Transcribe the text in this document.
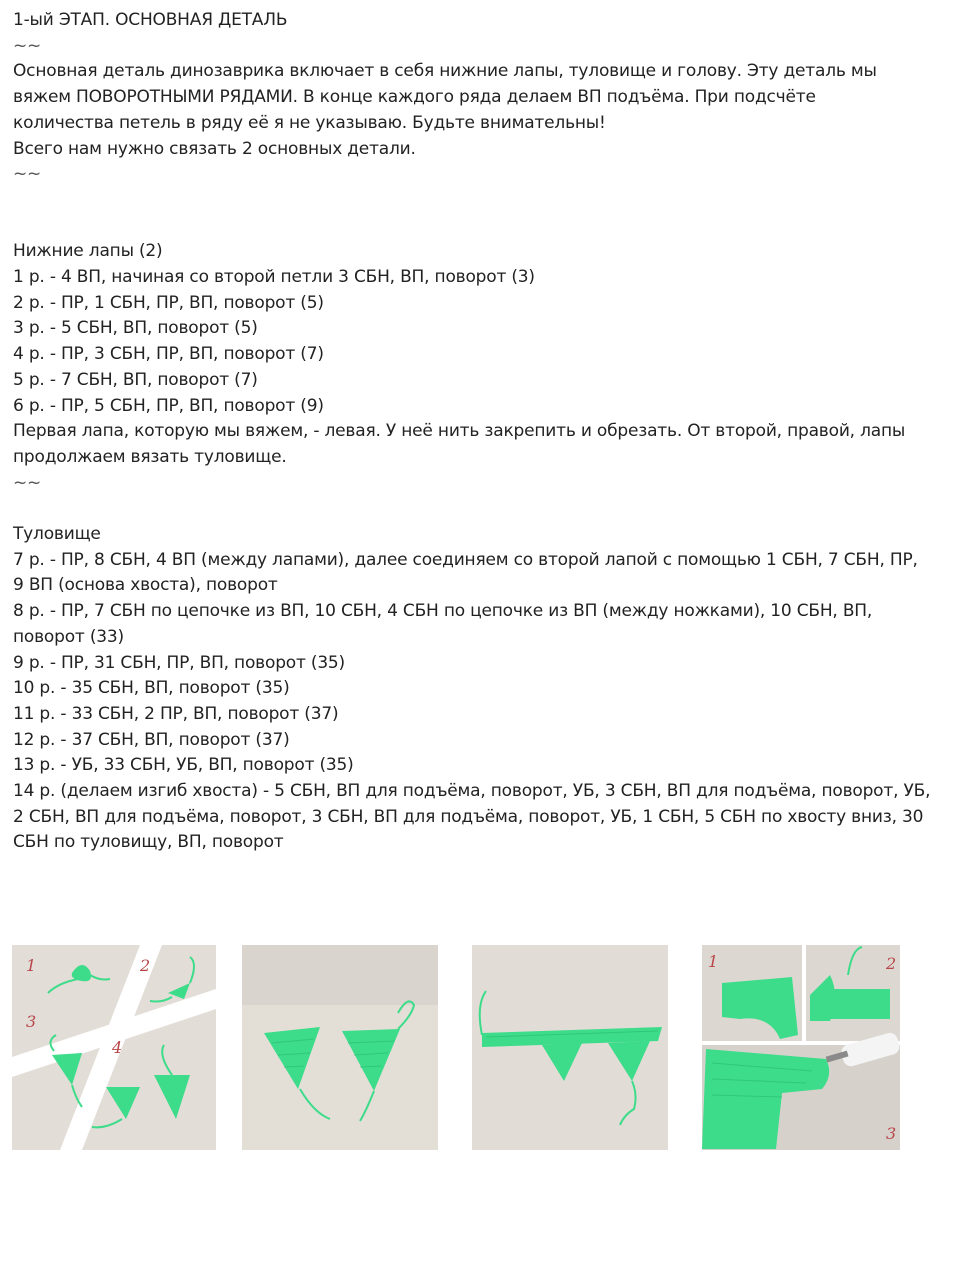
1-ый ЭТАП. ОСНОВНАЯ ДЕТАЛЬ

~~

Основная деталь динозаврика включает в себя нижние лапы, туловище и голову. Эту деталь мы

вяжем ПОВОРОТНЫМИ РЯДАМИ. В конце каждого ряда делаем ВП подъёма. При подсчёте

количества петель в ряду её я не указываю. Будьте внимательны!

Всего нам нужно связать 2 основных детали.

~~

Нижние лапы (2)

1 р. - 4 ВП, начиная со второй петли 3 СБН, ВП, поворот (3)

2 р. - ПР, 1 СБН, ПР, ВП, поворот (5)

3 р. - 5 СБН, ВП, поворот (5)

4 р. - ПР, 3 СБН, ПР, ВП, поворот (7)

5 р. - 7 СБН, ВП, поворот (7)

6 р. - ПР, 5 СБН, ПР, ВП, поворот (9)

Первая лапа, которую мы вяжем, - левая. У неё нить закрепить и обрезать. От второй, правой, лапы

продолжаем вязать туловище.

~~

Туловище

7 р. - ПР, 8 СБН, 4 ВП (между лапами), далее соединяем со второй лапой с помощью 1 СБН, 7 СБН, ПР,

9 ВП (основа хвоста), поворот

8 р. - ПР, 7 СБН по цепочке из ВП, 10 СБН, 4 СБН по цепочке из ВП (между ножками), 10 СБН, ВП,

поворот (33)

9 р. - ПР, 31 СБН, ПР, ВП, поворот (35)

10 р. - 35 СБН, ВП, поворот (35)

11 р. - 33 СБН, 2 ПР, ВП, поворот (37)

12 р. - 37 СБН, ВП, поворот (37)

13 р. - УБ, 33 СБН, УБ, ВП, поворот (35)

14 р. (делаем изгиб хвоста) - 5 СБН, ВП для подъёма, поворот, УБ, 3 СБН, ВП для подъёма, поворот, УБ,

2 СБН, ВП для подъёма, поворот, 3 СБН, ВП для подъёма, поворот, УБ, 1 СБН, 5 СБН по хвосту вниз, 30

СБН по туловищу, ВП, поворот

1	2
3
4
1	2
3
